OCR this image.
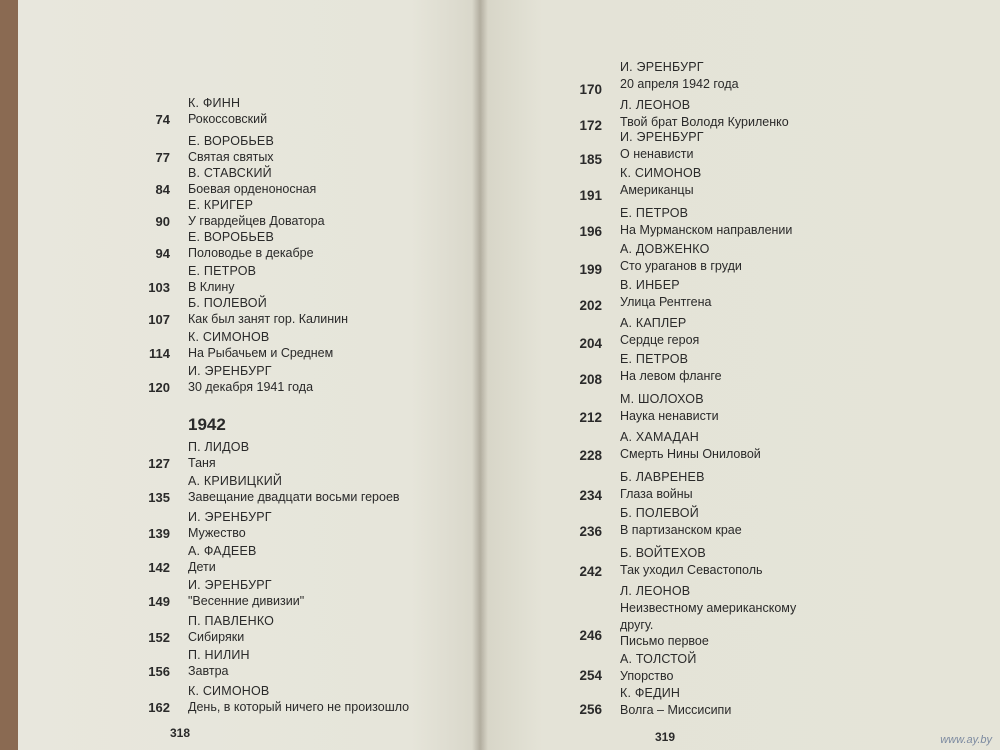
К. ФИНН
Рокоссовский
74
Е. ВОРОБЬЕВ
Святая святых
77
В. СТАВСКИЙ
Боевая орденоносная
84
Е. КРИГЕР
У гвардейцев Доватора
90
Е. ВОРОБЬЕВ
Половодье в декабре
94
Е. ПЕТРОВ
В Клину
103
Б. ПОЛЕВОЙ
Как был занят гор. Калинин
107
К. СИМОНОВ
На Рыбачьем и Среднем
114
И. ЭРЕНБУРГ
30 декабря 1941 года
120
1942
П. ЛИДОВ
Таня
127
А. КРИВИЦКИЙ
Завещание двадцати восьми героев
135
И. ЭРЕНБУРГ
Мужество
139
А. ФАДЕЕВ
Дети
142
И. ЭРЕНБУРГ
"Весенние дивизии"
149
П. ПАВЛЕНКО
Сибиряки
152
П. НИЛИН
Завтра
156
К. СИМОНОВ
День, в который ничего не произошло
162
318
И. ЭРЕНБУРГ
20 апреля 1942 года
170
Л. ЛЕОНОВ
Твой брат Володя Куриленко
172
И. ЭРЕНБУРГ
О ненависти
185
К. СИМОНОВ
Американцы
191
Е. ПЕТРОВ
На Мурманском направлении
196
А. ДОВЖЕНКО
Сто ураганов в груди
199
В. ИНБЕР
Улица Рентгена
202
А. КАПЛЕР
Сердце героя
204
Е. ПЕТРОВ
На левом фланге
208
М. ШОЛОХОВ
Наука ненависти
212
А. ХАМАДАН
Смерть Нины Ониловой
228
Б. ЛАВРЕНЕВ
Глаза войны
234
Б. ПОЛЕВОЙ
В партизанском крае
236
Б. ВОЙТЕХОВ
Так уходил Севастополь
242
Л. ЛЕОНОВ
Неизвестному американскому
другу.
Письмо первое
246
А. ТОЛСТОЙ
Упорство
254
К. ФЕДИН
Волга – Миссисипи
256
319	www.ay.by
